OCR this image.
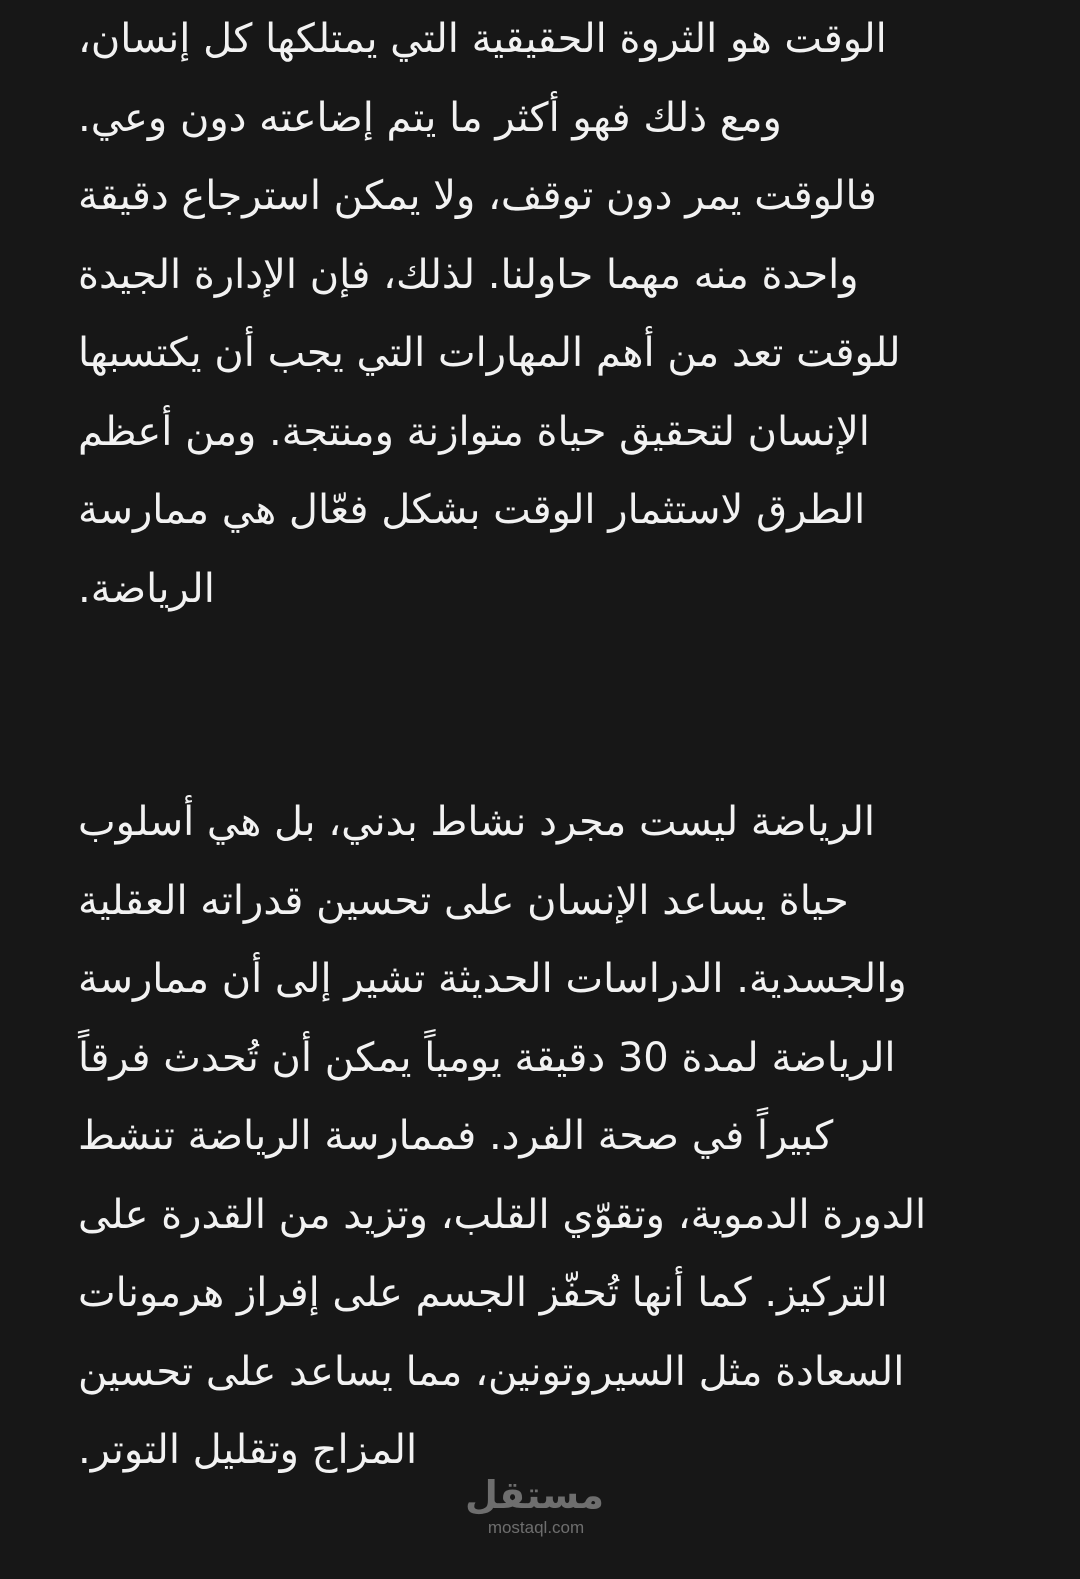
الوقت هو الثروة الحقيقية التي يمتلكها كل إنسان،
ومع ذلك فهو أكثر ما يتم إضاعته دون وعي.
فالوقت يمر دون توقف، ولا يمكن استرجاع دقيقة
واحدة منه مهما حاولنا. لذلك، فإن الإدارة الجيدة
للوقت تعد من أهم المهارات التي يجب أن يكتسبها
الإنسان لتحقيق حياة متوازنة ومنتجة. ومن أعظم
الطرق لاستثمار الوقت بشكل فعّال هي ممارسة
الرياضة.
الرياضة ليست مجرد نشاط بدني، بل هي أسلوب
حياة يساعد الإنسان على تحسين قدراته العقلية
والجسدية. الدراسات الحديثة تشير إلى أن ممارسة
الرياضة لمدة 30 دقيقة يومياً يمكن أن تُحدث فرقاً
كبيراً في صحة الفرد. فممارسة الرياضة تنشط
الدورة الدموية، وتقوّي القلب، وتزيد من القدرة على
التركيز. كما أنها تُحفّز الجسم على إفراز هرمونات
السعادة مثل السيروتونين، مما يساعد على تحسين
المزاج وتقليل التوتر.
مستقل
mostaql.com
